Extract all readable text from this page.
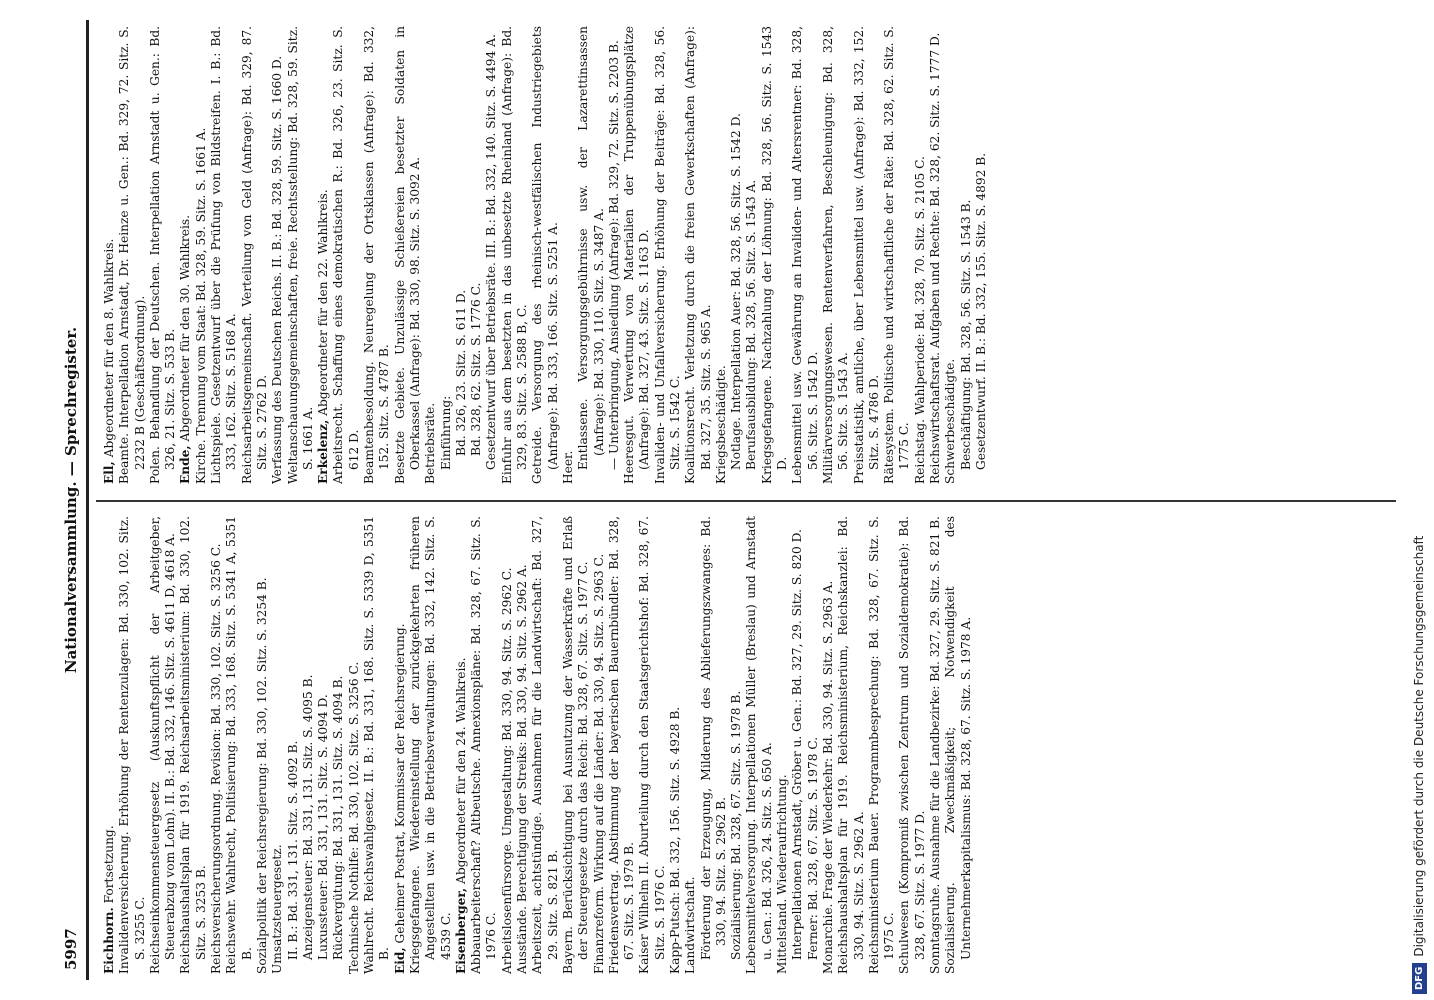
5997
Nationalversammlung. — Sprechregister. Ell, Abgeordneter für den 8. Wahlkreis. Beamte. Interpellation Arnstadt, Dr. Heinze u. Gen.: Bd. 329, 72. Sitz. S. 2232 B (Geschäftsordnung). Polen. Behandlung der Deutschen. Interpellation Arnstadt u. Gen.: Bd. 326, 21. Sitz. S. 533 B. Ende, Abgeordneter für den 30. Wahlkreis. Kirche. Trennung vom Staat: Bd. 328, 59. Sitz. S. 1661 A. Lichtspiele. Gesetzentwurf über die Prüfung von Bildstreifen. I. B.: Bd. 333, 162. Sitz. S. 5168 A. Reichsarbeitsgemeinschaft. Verteilung von Geld (Anfrage): Bd. 329, 87. Sitz. S. 2762 D. Verfassung des Deutschen Reichs. II. B.: Bd. 328, 59. Sitz. S. 1660 D. Weltanschauungsgemeinschaften, freie. Rechtsstellung: Bd. 328, 59. Sitz. S. 1661 A. Erkelenz, Abgeordneter für den 22. Wahlkreis. Arbeitsrecht. Schaffung eines demokratischen R.: Bd. 326, 23. Sitz. S. 612 D. Beamtenbesoldung. Neuregelung der Ortsklassen (Anfrage): Bd. 332, 152. Sitz. S. 4787 B. Besetzte Gebiete. Unzulässige Schießereien besetzter Soldaten in Oberkassel (Anfrage): Bd. 330, 98. Sitz. S. 3092 A. Betriebsräte. Einführung: Bd. 326, 23. Sitz. S. 611 D. Bd. 328, 62. Sitz. S. 1776 C. Gesetzentwurf über Betriebsräte. III. B.: Bd. 332, 140. Sitz. S. 4494 A. Einfuhr aus dem besetzten in das unbesetzte Rheinland (Anfrage): Bd. 329, 83. Sitz. S. 2588 B, C. Getreide. Versorgung des rheinisch-westfälischen Industriegebiets (Anfrage): Bd. 333, 166. Sitz. S. 5251 A. Heer. Entlassene. Versorgungsgebührnisse usw. der Lazarettinsassen (Anfrage): Bd. 330, 110. Sitz. S. 3487 A. — Unterbringung, Ansiedlung (Anfrage): Bd. 329, 72. Sitz. S. 2203 B. Heeresgut. Verwertung von Materialien der Truppenübungsplätze (Anfrage): Bd. 327, 43. Sitz. S. 1163 D. Invaliden- und Unfallversicherung. Erhöhung der Beiträge: Bd. 328, 56. Sitz. S. 1542 C. Koalitionsrecht. Verletzung durch die freien Gewerkschaften (Anfrage): Bd. 327, 35. Sitz. S. 965 A. Kriegsbeschädigte. Notlage. Interpellation Auer: Bd. 328, 56. Sitz. S. 1542 D. Berufsausbildung: Bd. 328, 56. Sitz. S. 1543 A. Kriegsgefangene. Nachzahlung der Löhnung: Bd. 328, 56. Sitz. S. 1543 D. Lebensmittel usw. Gewährung an Invaliden- und Altersrentner: Bd. 328, 56. Sitz. S. 1542 D. Militärversorgungswesen. Rentenverfahren, Beschleunigung: Bd. 328, 56. Sitz. S. 1543 A. Preisstatistik, amtliche, über Lebensmittel usw. (Anfrage): Bd. 332, 152. Sitz. S. 4786 D. Rätesystem. Politische und wirtschaftliche der Räte: Bd. 328, 62. Sitz. S. 1775 C. Reichstag. Wahlperiode: Bd. 328, 70. Sitz. S. 2105 C. Reichswirtschaftsrat. Aufgaben und Rechte: Bd. 328, 62. Sitz. S. 1777 D. Schwerbeschädigte. Beschäftigung: Bd. 328, 56. Sitz. S. 1543 B. Gesetzentwurf. II. B.: Bd. 332, 155. Sitz. S. 4892 B.
Eichhorn. Fortsetzung. Invalidenversicherung. Erhöhung der Rentenzulagen: Bd. 330, 102. Sitz. S. 3255 C. Reichseinkommensteuergesetz (Auskunftspflicht der Arbeitgeber, Steuerabzug vom Lohn). II. B.: Bd. 332, 146. Sitz. S. 4611 D, 4618 A. Reichshaushaltsplan für 1919. Reichsarbeitsministerium: Bd. 330, 102. Sitz. S. 3253 B. Reichsversicherungsordnung. Revision: Bd. 330, 102. Sitz. S. 3256 C. Reichswehr. Wahlrecht, Politisierung: Bd. 333, 168. Sitz. S. 5341 A, 5351 B. Sozialpolitik der Reichsregierung: Bd. 330, 102. Sitz. S. 3254 B. Umsatzsteuergesetz. II. B.: Bd. 331, 131. Sitz. S. 4092 B. Anzeigensteuer: Bd. 331, 131. Sitz. S. 4095 B. Luxussteuer: Bd. 331, 131. Sitz. S. 4094 D. Rückvergütung: Bd. 331, 131. Sitz. S. 4094 B. Technische Nothilfe: Bd. 330, 102. Sitz. S. 3256 C. Wahlrecht. Reichswahlgesetz. II. B.: Bd. 331, 168. Sitz. S. 5339 D, 5351 B. Eid, Geheimer Postrat, Kommissar der Reichsregierung. Kriegsgefangene. Wiedereinstellung der zurückgekehrten früheren Angestellten usw. in die Betriebsverwaltungen: Bd. 332, 142. Sitz. S. 4539 C. Eisenberger, Abgeordneter für den 24. Wahlkreis. Abbauarbeiterschaft? Altbeutsche. Annexionspläne: Bd. 328, 67. Sitz. S. 1976 C. Arbeitslosenfürsorge. Umgestaltung: Bd. 330, 94. Sitz. S. 2962 C. Ausstände. Berechtigung der Streiks: Bd. 330, 94. Sitz. S. 2962 A. Arbeitszeit, achtstündige. Ausnahmen für die Landwirtschaft: Bd. 327, 29. Sitz. S. 821 B. Bayern. Berücksichtigung bei Ausnutzung der Wasserkräfte und Erlaß der Steuergesetze durch das Reich: Bd. 328, 67. Sitz. S. 1977 C. Finanzreform. Wirkung auf die Länder: Bd. 330, 94. Sitz. S. 2963 C. Friedensvertrag. Abstimmung der bayerischen Bauernbündler: Bd. 328, 67. Sitz. S. 1979 B. Kaiser Wilhelm II. Aburteilung durch den Staatsgerichtshof: Bd. 328, 67. Sitz. S. 1976 C. Kapp-Putsch: Bd. 332, 156. Sitz. S. 4928 B. Landwirtschaft. Förderung der Erzeugung, Milderung des Ablieferungszwanges: Bd. 330, 94. Sitz. S. 2962 B. Sozialisierung: Bd. 328, 67. Sitz. S. 1978 B. Lebensmittelversorgung. Interpellationen Müller (Breslau) und Arnstadt u. Gen.: Bd. 326, 24. Sitz. S. 650 A. Mittelstand. Wiederaufrichtung. Interpellationen Arnstadt, Gröber u. Gen.: Bd. 327, 29. Sitz. S. 820 D. Ferner: Bd. 328, 67. Sitz. S. 1978 C. Monarchie. Frage der Wiederkehr: Bd. 330, 94. Sitz. S. 2963 A. Reichshaushaltsplan für 1919. Reichsministerium, Reichskanzlei: Bd. 330, 94. Sitz. S. 2962 A. Reichsministerium Bauer. Programmbesprechung: Bd. 328, 67. Sitz. S. 1975 C. Schulwesen (Kompromiß zwischen Zentrum und Sozialdemokratie): Bd. 328, 67. Sitz. S. 1977 D. Sonntagsruhe. Ausnahme für die Landbezirke: Bd. 327, 29. Sitz. S. 821 B. Sozialisierung. Zweckmäßigkeit; Notwendigkeit des Unternehmerkapitalismus: Bd. 328, 67. Sitz. S. 1978 A.
DFG
Digitalisierung gefördert durch die Deutsche Forschungsgemeinschaft
